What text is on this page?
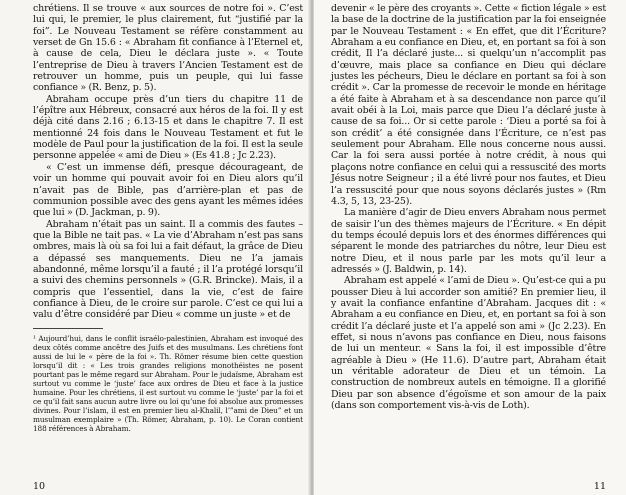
chrétiens. Il se trouve « aux sources de notre foi ». C’est lui qui, le premier, le plus clairement, fut “justifié par la foi”. Le Nouveau Testament se réfère constamment au verset de Gn 15.6 : « Abraham fit confiance à l’Eternel et, à cause de cela, Dieu le déclara juste ». « Toute l’entreprise de Dieu à travers l’Ancien Testament est de retrouver un homme, puis un peuple, qui lui fasse confiance » (R. Benz, p. 5).

Abraham occupe près d’un tiers du chapitre 11 de l’épître aux Hébreux, consacré aux héros de la foi. Il y est déjà cité dans 2.16 ; 6.13-15 et dans le chapitre 7. Il est mentionné 24 fois dans le Nouveau Testament et fut le modèle de Paul pour la justification de la foi. Il est la seule personne appelée « ami de Dieu » (Es 41.8 ; Jc 2.23).

« C’est un immense défi, presque décourageant, de voir un homme qui pouvait avoir foi en Dieu alors qu’il n’avait pas de Bible, pas d’arrière-plan et pas de communion possible avec des gens ayant les mêmes idées que lui » (D. Jackman, p. 9).

Abraham n’était pas un saint. Il a commis des fautes – que la Bible ne tait pas. « La vie d’Abraham n’est pas sans ombres, mais là où sa foi lui a fait défaut, la grâce de Dieu a dépassé ses manquements. Dieu ne l’a jamais abandonné, même lorsqu’il a fauté ; il l’a protégé lorsqu’il a suivi des chemins personnels » (G.R. Brincke). Mais, il a compris que l’essentiel, dans la vie, c’est de faire confiance à Dieu, de le croire sur parole. C’est ce qui lui a valu d’être considéré par Dieu « comme un juste » et de

¹ Aujourd’hui, dans le conflit israélo-palestinien, Abraham est invoqué des deux côtés comme ancêtre des Juifs et des musulmans. Les chrétiens font aussi de lui le « père de la foi ». Th. Römer résume bien cette question lorsqu’il dit : « Les trois grandes religions monothéistes ne posent pourtant pas le même regard sur Abraham. Pour le judaïsme, Abraham est surtout vu comme le ‘juste’ face aux ordres de Dieu et face à la justice humaine. Pour les chrétiens, il est surtout vu comme le ‘juste’ par la foi et ce qu’il fait sans aucun autre livre ou loi qu’une foi absolue aux promesses divines. Pour l’islam, il est en premier lieu al-Khalil, l’”ami de Dieu” et un musulman exemplaire » (Th. Römer, Abraham, p. 10). Le Coran contient 188 références à Abraham.

10

devenir « le père des croyants ». Cette « fiction légale » est la base de la doctrine de la justification par la foi enseignée par le Nouveau Testament : « En effet, que dit l’Écriture? Abraham a eu confiance en Dieu, et, en portant sa foi à son crédit, Il l’a déclaré juste... si quelqu’un n’accomplit pas d’œuvre, mais place sa confiance en Dieu qui déclare justes les pécheurs, Dieu le déclare en portant sa foi à son crédit ». Car la promesse de recevoir le monde en héritage a été faite à Abraham et à sa descendance non parce qu’il avait obéi à la Loi, mais parce que Dieu l’a déclaré juste à cause de sa foi... Or si cette parole : ‘Dieu a porté sa foi à son crédit’ a été consignée dans l’Écriture, ce n’est pas seulement pour Abraham. Elle nous concerne nous aussi. Car la foi sera aussi portée à notre crédit, à nous qui plaçons notre confiance en celui qui a ressuscité des morts Jésus notre Seigneur ; il a été livré pour nos fautes, et Dieu l’a ressuscité pour que nous soyons déclarés justes » (Rm 4.3, 5, 13, 23-25).

La manière d’agir de Dieu envers Abraham nous permet de saisir l’un des thèmes majeurs de l’Écriture. « En dépit du temps écoulé depuis lors et des énormes différences qui séparent le monde des patriarches du nôtre, leur Dieu est notre Dieu, et il nous parle par les mots qu’il leur a adressés » (J. Baldwin, p. 14).

Abraham est appelé « l’ami de Dieu ». Qu’est-ce qui a pu pousser Dieu à lui accorder son amitié? En premier lieu, il y avait la confiance enfantine d’Abraham. Jacques dit : « Abraham a eu confiance en Dieu, et, en portant sa foi à son crédit l’a déclaré juste et l’a appelé son ami » (Jc 2.23). En effet, si nous n’avons pas confiance en Dieu, nous faisons de lui un menteur. « Sans la foi, il est impossible d’être agréable à Dieu » (He 11.6). D’autre part, Abraham était un véritable adorateur de Dieu et un témoin. La construction de nombreux autels en témoigne. Il a glorifié Dieu par son absence d’égoïsme et son amour de la paix (dans son comportement vis-à-vis de Loth).

11
